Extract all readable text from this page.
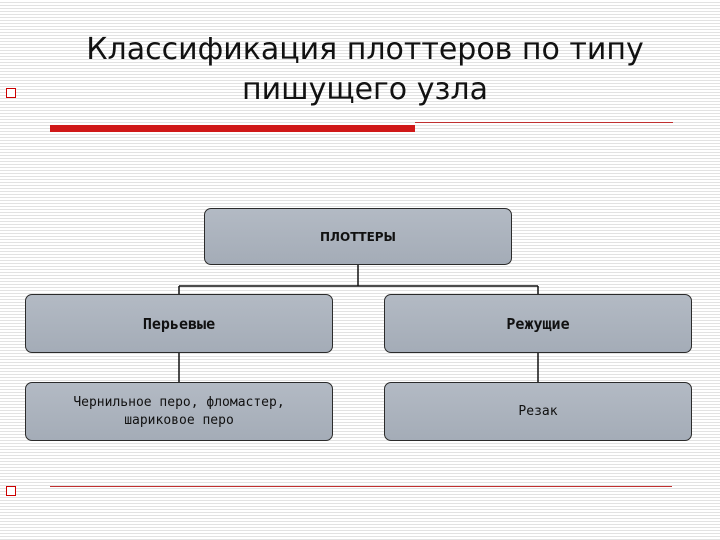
Классификация плоттеров по типу пишущего узла
ПЛОТТЕРЫ
Перьевые	Режущие
Чернильное перо, фломастер,
шариковое перо
Резак
